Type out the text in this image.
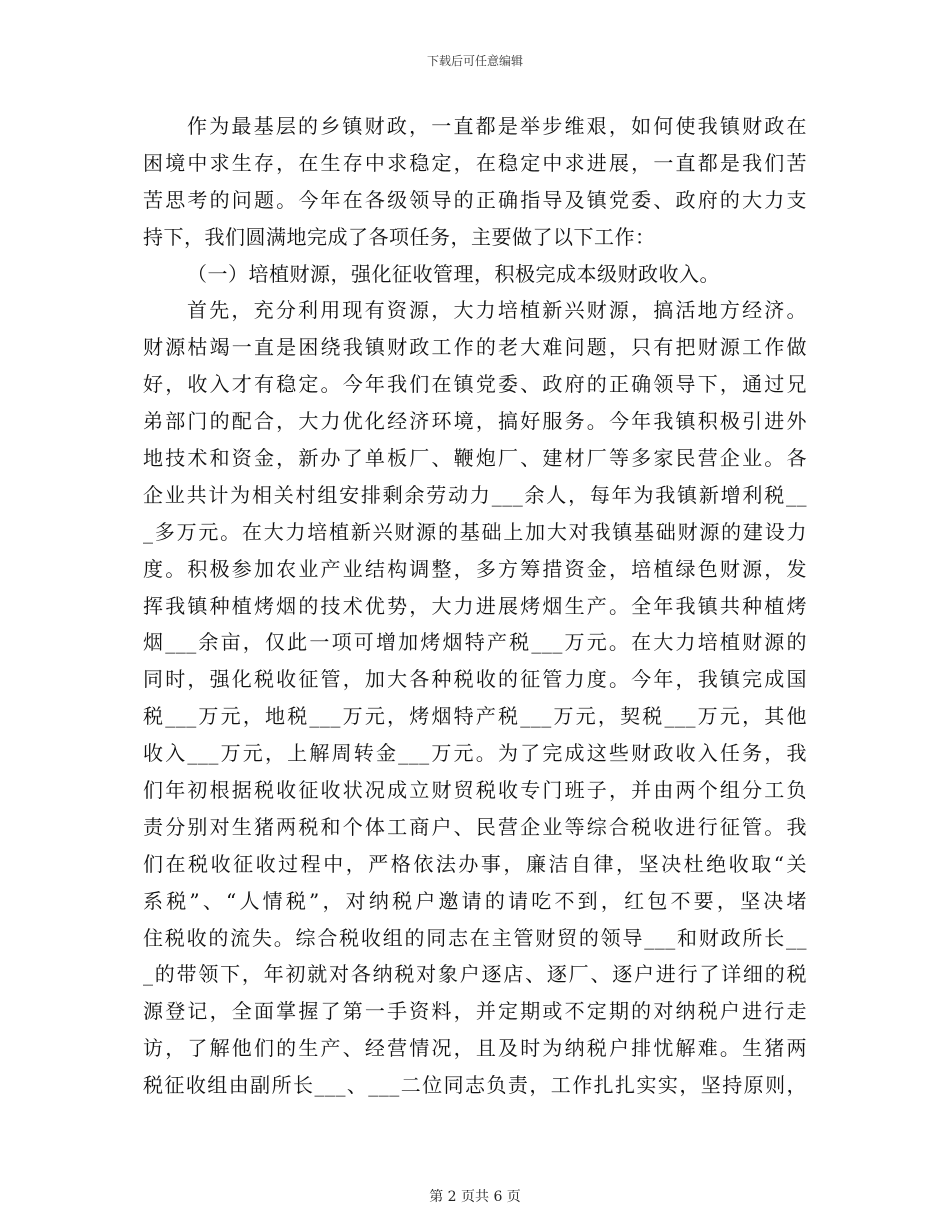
下载后可任意编辑
作为最基层的乡镇财政，一直都是举步维艰，如何使我镇财政在
困境中求生存，在生存中求稳定，在稳定中求进展，一直都是我们苦
苦思考的问题。今年在各级领导的正确指导及镇党委、政府的大力支
持下，我们圆满地完成了各项任务，主要做了以下工作：
（一）培植财源，强化征收管理，积极完成本级财政收入。
首先，充分利用现有资源，大力培植新兴财源，搞活地方经济。
财源枯竭一直是困绕我镇财政工作的老大难问题，只有把财源工作做
好，收入才有稳定。今年我们在镇党委、政府的正确领导下，通过兄
弟部门的配合，大力优化经济环境，搞好服务。今年我镇积极引进外
地技术和资金，新办了单板厂、鞭炮厂、建材厂等多家民营企业。各
企业共计为相关村组安排剩余劳动力___余人，每年为我镇新增利税__
_多万元。在大力培植新兴财源的基础上加大对我镇基础财源的建设力
度。积极参加农业产业结构调整，多方筹措资金，培植绿色财源，发
挥我镇种植烤烟的技术优势，大力进展烤烟生产。全年我镇共种植烤
烟___余亩，仅此一项可增加烤烟特产税___万元。在大力培植财源的
同时，强化税收征管，加大各种税收的征管力度。今年，我镇完成国
税___万元，地税___万元，烤烟特产税___万元，契税___万元，其他
收入___万元，上解周转金___万元。为了完成这些财政收入任务，我
们年初根据税收征收状况成立财贸税收专门班子，并由两个组分工负
责分别对生猪两税和个体工商户、民营企业等综合税收进行征管。我
们在税收征收过程中，严格依法办事，廉洁自律，坚决杜绝收取“关
系税”、“人情税”，对纳税户邀请的请吃不到，红包不要，坚决堵
住税收的流失。综合税收组的同志在主管财贸的领导___和财政所长__
_的带领下，年初就对各纳税对象户逐店、逐厂、逐户进行了详细的税
源登记，全面掌握了第一手资料，并定期或不定期的对纳税户进行走
访，了解他们的生产、经营情况，且及时为纳税户排忧解难。生猪两
税征收组由副所长___、___二位同志负责，工作扎扎实实，坚持原则，
第 2 页共 6 页
